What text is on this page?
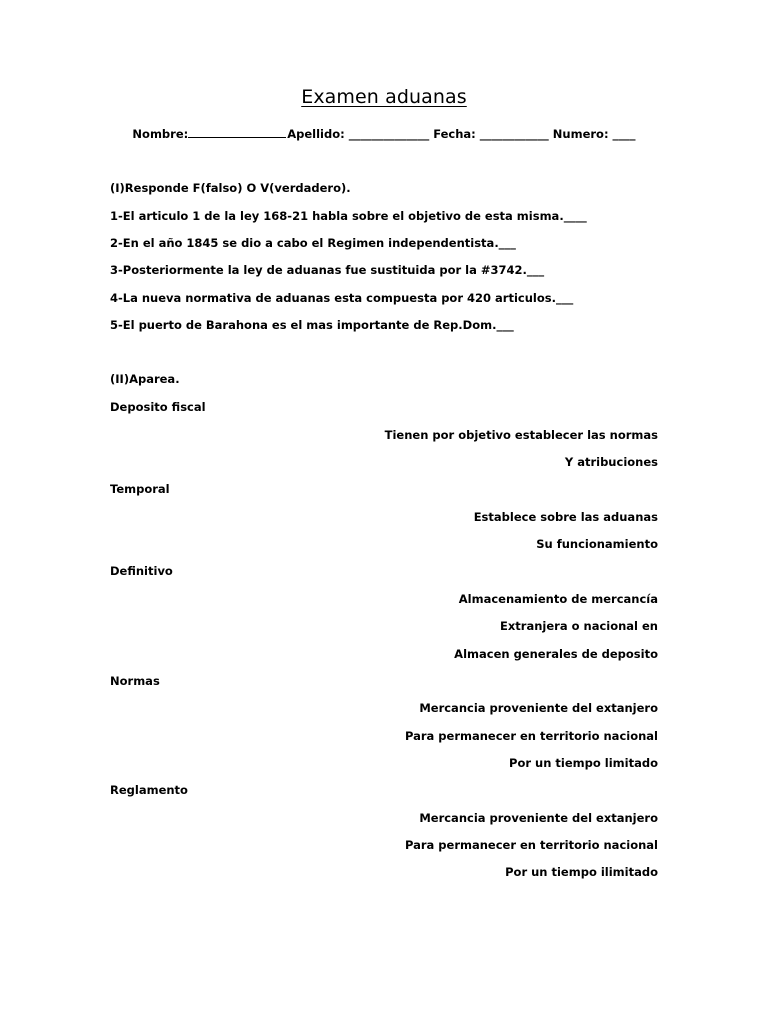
Examen aduanas
Nombre:	Apellido: ______________ Fecha: ____________ Numero: ____
(I)Responde F(falso) O V(verdadero).
1-El articulo 1 de la ley 168-21 habla sobre el objetivo de esta misma.____
2-En el año 1845 se dio a cabo el Regimen independentista.___
3-Posteriormente la ley de aduanas fue sustituida por la #3742.___
4-La nueva normativa de aduanas esta compuesta por 420 articulos.___
5-El puerto de Barahona es el mas importante de Rep.Dom.___
(II)Aparea.
Deposito fiscal
Tienen por objetivo establecer las normas
Y atribuciones
Temporal
Establece sobre las aduanas
Su funcionamiento
Definitivo
Almacenamiento de mercancía
Extranjera o nacional en
Almacen generales de deposito
Normas
Mercancia proveniente del extanjero
Para permanecer en territorio nacional
Por un tiempo limitado
Reglamento
Mercancia proveniente del extanjero
Para permanecer en territorio nacional
Por un tiempo ilimitado
